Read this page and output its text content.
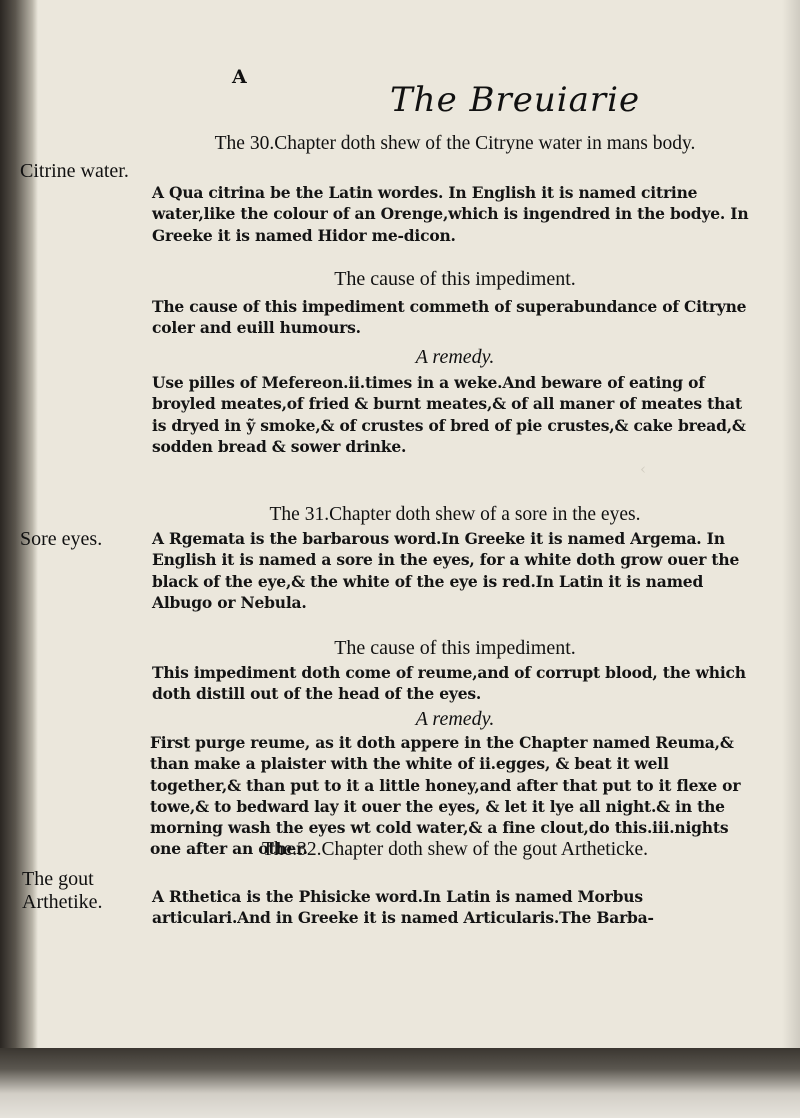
‹
A
The Breuiarie
Citrine water.
Sore eyes.
The gout Arthetike.
The 30.Chapter doth shew of the Citryne water in mans body.
A Qua citrina be the Latin wordes. In English it is named citrine water,like the colour of an Orenge,which is ingendred in the bodye. In Greeke it is named Hidor me-dicon.
The cause of this impediment.
The cause of this impediment commeth of superabundance of Citryne coler and euill humours.
A remedy.
Use pilles of Mefereon.ii.times in a weke.And beware of eating of broyled meates,of fried & burnt meates,& of all maner of meates that is dryed in ỹ smoke,& of crustes of bred of pie crustes,& cake bread,& sodden bread & sower drinke.
The 31.Chapter doth shew of a sore in the eyes.
A Rgemata is the barbarous word.In Greeke it is named Argema. In English it is named a sore in the eyes, for a white doth grow ouer the black of the eye,& the white of the eye is red.In Latin it is named Albugo or Nebula.
The cause of this impediment.
This impediment doth come of reume,and of corrupt blood, the which doth distill out of the head of the eyes.
A remedy.
First purge reume, as it doth appere in the Chapter named Reuma,& than make a plaister with the white of ii.egges, & beat it well together,& than put to it a little honey,and after that put to it flexe or towe,& to bedward lay it ouer the eyes, & let it lye all night.& in the morning wash the eyes wt cold water,& a fine clout,do this.iii.nights one after an other.
The.32.Chapter doth shew of the gout Artheticke.
A Rthetica is the Phisicke word.In Latin is named Morbus articulari.And in Greeke it is named Articularis.The Barba-
